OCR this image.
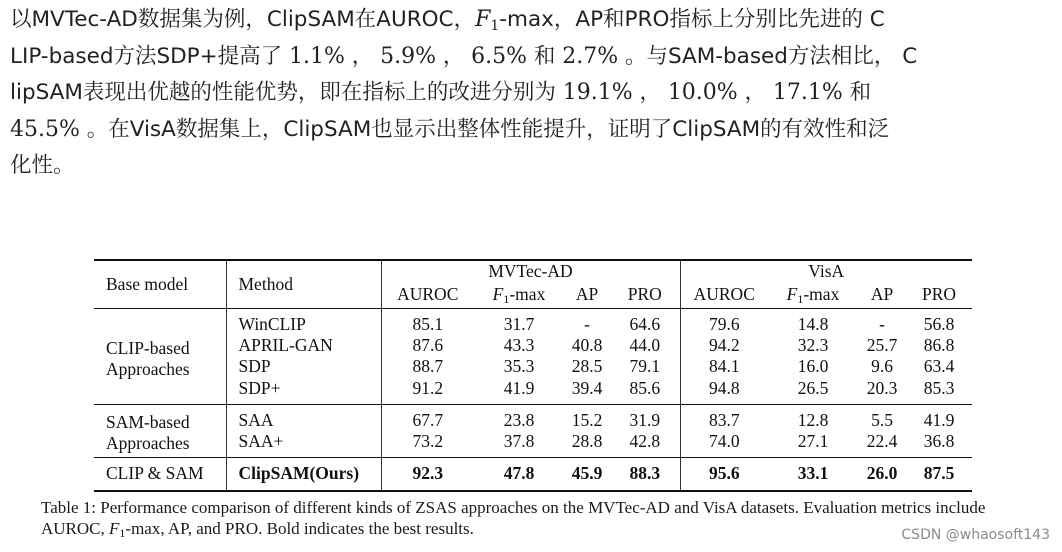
以MVTec-AD数据集为例，ClipSAM在AUROC，$F_1-\max$，AP和PRO指标上分别比先进的 C
LIP-based方法SDP+提高了 1.1% ， 5.9% ， 6.5% 和 2.7% 。与SAM-based方法相比， C
lipSAM表现出优越的性能优势，即在指标上的改进分别为 19.1% ， 10.0% ， 17.1% 和
45.5% 。在VisA数据集上，ClipSAM也显示出整体性能提升，证明了ClipSAM的有效性和泛
化性。
Base model	Method	MVTec-AD				VisA			
		AUROC	$F_1-\max$	AP	PRO	AUROC	$F_1-\max$	AP	PRO

CLIP-based
Approaches	WinCLIP	85.1	31.7	-	64.6	79.6	14.8	-	56.8
	APRIL-GAN	87.6	43.3	40.8	44.0	94.2	32.3	25.7	86.8
	SDP	88.7	35.3	28.5	79.1	84.1	16.0	9.6	63.4
	SDP+	91.2	41.9	39.4	85.6	94.8	26.5	20.3	85.3

SAM-based
Approaches	SAA	67.7	23.8	15.2	31.9	83.7	12.8	5.5	41.9
	SAA+	73.2	37.8	28.8	42.8	74.0	27.1	22.4	36.8

CLIP & SAM	ClipSAM(Ours)	92.3	47.8	45.9	88.3	95.6	33.1	26.0	87.5
Table 1: Performance comparison of different kinds of ZSAS approaches on the MVTec-AD and VisA datasets. Evaluation metrics include
AUROC, $F_1-\max$, AP, and PRO. Bold indicates the best results.	CSDN @whaosoft143
